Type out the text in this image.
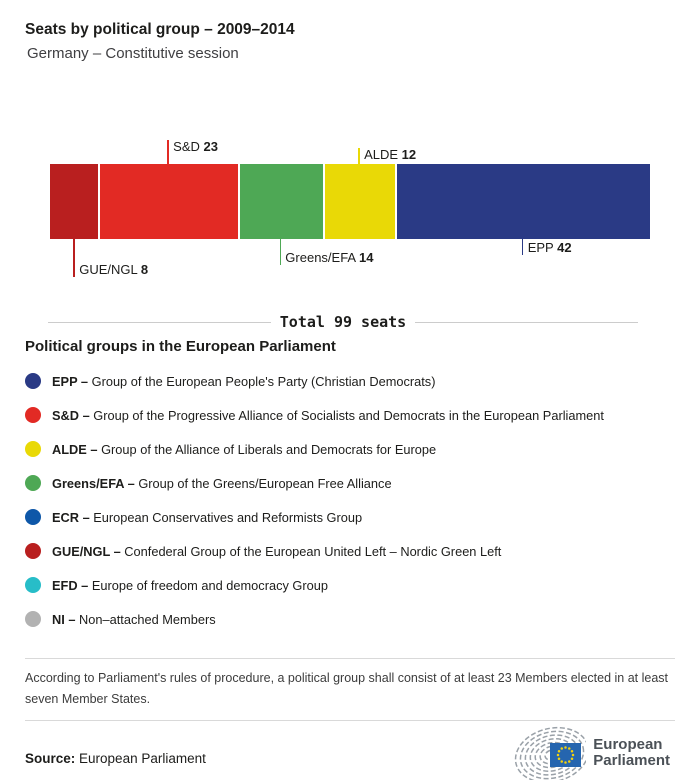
Seats by political group – 2009–2014
Germany – Constitutive session
GUE/NGL 8
S&D 23
Greens/EFA 14
ALDE 12
EPP 42
Total 99 seats
Political groups in the European Parliament
EPP – Group of the European People's Party (Christian Democrats)
S&D – Group of the Progressive Alliance of Socialists and Democrats in the European Parliament
ALDE – Group of the Alliance of Liberals and Democrats for Europe
Greens/EFA – Group of the Greens/European Free Alliance
ECR – European Conservatives and Reformists Group
GUE/NGL – Confederal Group of the European United Left – Nordic Green Left
EFD – Europe of freedom and democracy Group
NI – Non–attached Members
According to Parliament's rules of procedure, a political group shall consist of at least 23 Members elected in at least seven Member States.
Source: European Parliament
European
Parliament
